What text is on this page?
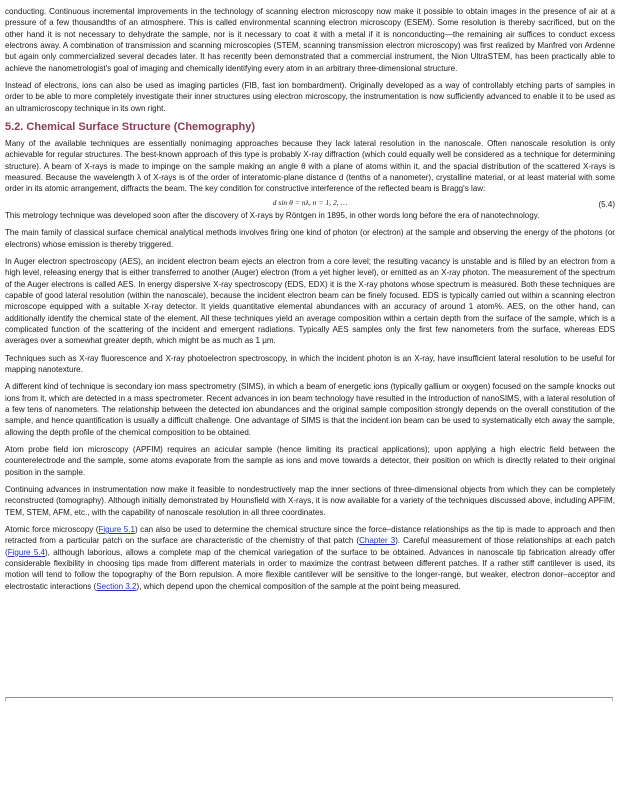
conducting. Continuous incremental improvements in the technology of scanning electron microscopy now make it possible to obtain images in the presence of air at a pressure of a few thousandths of an atmosphere. This is called environmental scanning electron microscopy (ESEM). Some resolution is thereby sacrificed, but on the other hand it is not necessary to dehydrate the sample, nor is it necessary to coat it with a metal if it is nonconducting—the remaining air suffices to conduct excess electrons away. A combination of transmission and scanning microscopies (STEM, scanning transmission electron microscopy) was first realized by Manfred von Ardenne but again only commercialized several decades later. It has recently been demonstrated that a commercial instrument, the Nion UltraSTEM, has been practically able to achieve the nanometrologist's goal of imaging and chemically identifying every atom in an arbitrary three-dimensional structure.

Instead of electrons, ions can also be used as imaging particles (FIB, fast ion bombardment). Originally developed as a way of controllably etching parts of samples in order to be able to more completely investigate their inner structures using electron microscopy, the instrumentation is now sufficiently advanced to enable it to be used as an ultramicroscopy technique in its own right.

5.2. Chemical Surface Structure (Chemography)

Many of the available techniques are essentially nonimaging approaches because they lack lateral resolution in the nanoscale. Often nanoscale resolution is only achievable for regular structures. The best-known approach of this type is probably X-ray diffraction (which could equally well be considered as a technique for determining structure). A beam of X-rays is made to impinge on the sample making an angle θ with a plane of atoms within it, and the spacial distribution of the scattered X-rays is measured. Because the wavelength λ of X-rays is of the order of interatomic-plane distance d (tenths of a nanometer), crystalline material, or at least material with some order in its atomic arrangement, diffracts the beam. The key condition for constructive interference of the reflected beam is Bragg's law:

d sin θ = nλ, n = 1, 2, …	(5.4)

This metrology technique was developed soon after the discovery of X-rays by Röntgen in 1895, in other words long before the era of nanotechnology.

The main family of classical surface chemical analytical methods involves firing one kind of photon (or electron) at the sample and observing the energy of the photons (or electrons) whose emission is thereby triggered.

In Auger electron spectroscopy (AES), an incident electron beam ejects an electron from a core level; the resulting vacancy is unstable and is filled by an electron from a high level, releasing energy that is either transferred to another (Auger) electron (from a yet higher level), or emitted as an X-ray photon. The measurement of the spectrum of the Auger electrons is called AES. In energy dispersive X-ray spectroscopy (EDS, EDX) it is the X-ray photons whose spectrum is measured. Both these techniques are capable of good lateral resolution (within the nanoscale), because the incident electron beam can be finely focused. EDS is typically carried out within a scanning electron microscope equipped with a suitable X-ray detector. It yields quantitative elemental abundances with an accuracy of around 1 atom%. AES, on the other hand, can additionally identify the chemical state of the element. All these techniques yield an average composition within a certain depth from the surface of the sample, which is a complicated function of the scattering of the incident and emergent radiations. Typically AES samples only the first few nanometers from the surface, whereas EDS averages over a somewhat greater depth, which might be as much as 1 μm.

Techniques such as X-ray fluorescence and X-ray photoelectron spectroscopy, in which the incident photon is an X-ray, have insufficient lateral resolution to be useful for mapping nanotexture.

A different kind of technique is secondary ion mass spectrometry (SIMS), in which a beam of energetic ions (typically gallium or oxygen) focused on the sample knocks out ions from it, which are detected in a mass spectrometer. Recent advances in ion beam technology have resulted in the introduction of nanoSIMS, with a lateral resolution of a few tens of nanometers. The relationship between the detected ion abundances and the original sample composition strongly depends on the overall constitution of the sample, and hence quantification is usually a difficult challenge. One advantage of SIMS is that the incident ion beam can be used to systematically etch away the sample, allowing the depth profile of the chemical composition to be obtained.

Atom probe field ion microscopy (APFIM) requires an acicular sample (hence limiting its practical applications); upon applying a high electric field between the counterelectrode and the sample, some atoms evaporate from the sample as ions and move towards a detector, their position on which is directly related to their original position in the sample.

Continuing advances in instrumentation now make it feasible to nondestructively map the inner sections of three-dimensional objects from which they can be completely reconstructed (tomography). Although initially demonstrated by Hounsfield with X-rays, it is now available for a variety of the techniques discussed above, including APFIM, TEM, STEM, AFM, etc., with the capability of nanoscale resolution in all three coordinates.

Atomic force microscopy (Figure 5.1) can also be used to determine the chemical structure since the force–distance relationships as the tip is made to approach and then retracted from a particular patch on the surface are characteristic of the chemistry of that patch (Chapter 3). Careful measurement of those relationships at each patch (Figure 5.4), although laborious, allows a complete map of the chemical variegation of the surface to be obtained. Advances in nanoscale tip fabrication already offer considerable flexibility in choosing tips made from different materials in order to maximize the contrast between different patches. If a rather stiff cantilever is used, its motion will tend to follow the topography of the Born repulsion. A more flexible cantilever will be sensitive to the longer-range, but weaker, electron donor–acceptor and electrostatic interactions (Section 3.2), which depend upon the chemical composition of the sample at the point being measured.
